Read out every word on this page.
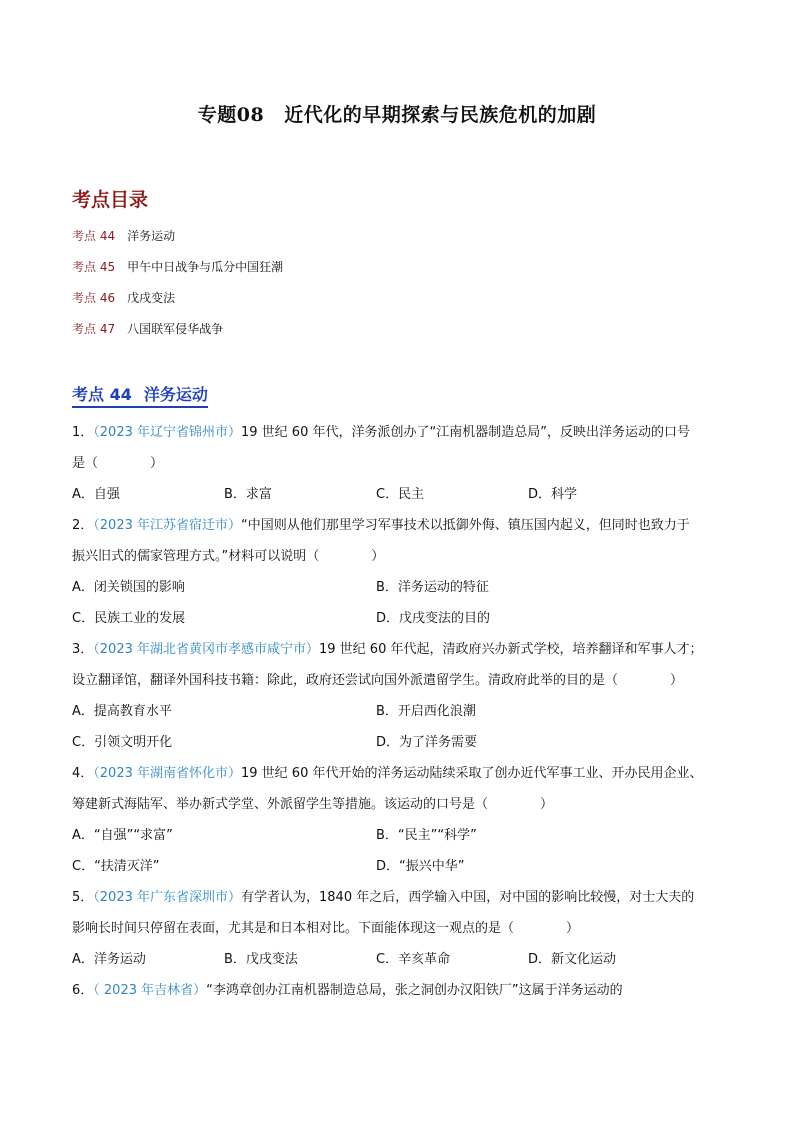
专题08 近代化的早期探索与民族危机的加剧
考点目录
考点 44 洋务运动
考点 45 甲午中日战争与瓜分中国狂潮
考点 46 戊戌变法
考点 47 八国联军侵华战争
考点 44 洋务运动
1．（2023 年辽宁省锦州市）19 世纪 60 年代，洋务派创办了“江南机器制造总局”，反映出洋务运动的口号
是（　　　　）
A．自强	B．求富	C．民主	D．科学
2．（2023 年江苏省宿迁市）“中国则从他们那里学习军事技术以抵御外侮、镇压国内起义，但同时也致力于
振兴旧式的儒家管理方式。”材料可以说明（　　　　）
A．闭关锁国的影响	B．洋务运动的特征
C．民族工业的发展	D．戊戌变法的目的
3．（2023 年湖北省黄冈市孝感市咸宁市）19 世纪 60 年代起，清政府兴办新式学校，培养翻译和军事人才；
设立翻译馆，翻译外国科技书籍：除此，政府还尝试向国外派遣留学生。清政府此举的目的是（　　　　）
A．提高教育水平	B．开启西化浪潮
C．引领文明开化	D．为了洋务需要
4．（2023 年湖南省怀化市）19 世纪 60 年代开始的洋务运动陆续采取了创办近代军事工业、开办民用企业、
筹建新式海陆军、举办新式学堂、外派留学生等措施。该运动的口号是（　　　　）
A．“自强”“求富”	B．“民主”“科学”
C．“扶清灭洋”	D．“振兴中华”
5．（2023 年广东省深圳市）有学者认为，1840 年之后，西学输入中国，对中国的影响比较慢，对士大夫的
影响长时间只停留在表面，尤其是和日本相对比。下面能体现这一观点的是（　　　　）
A．洋务运动	B．戊戌变法	C．辛亥革命	D．新文化运动
6．（ 2023 年吉林省）“李鸿章创办江南机器制造总局，张之洞创办汉阳铁厂”这属于洋务运动的
